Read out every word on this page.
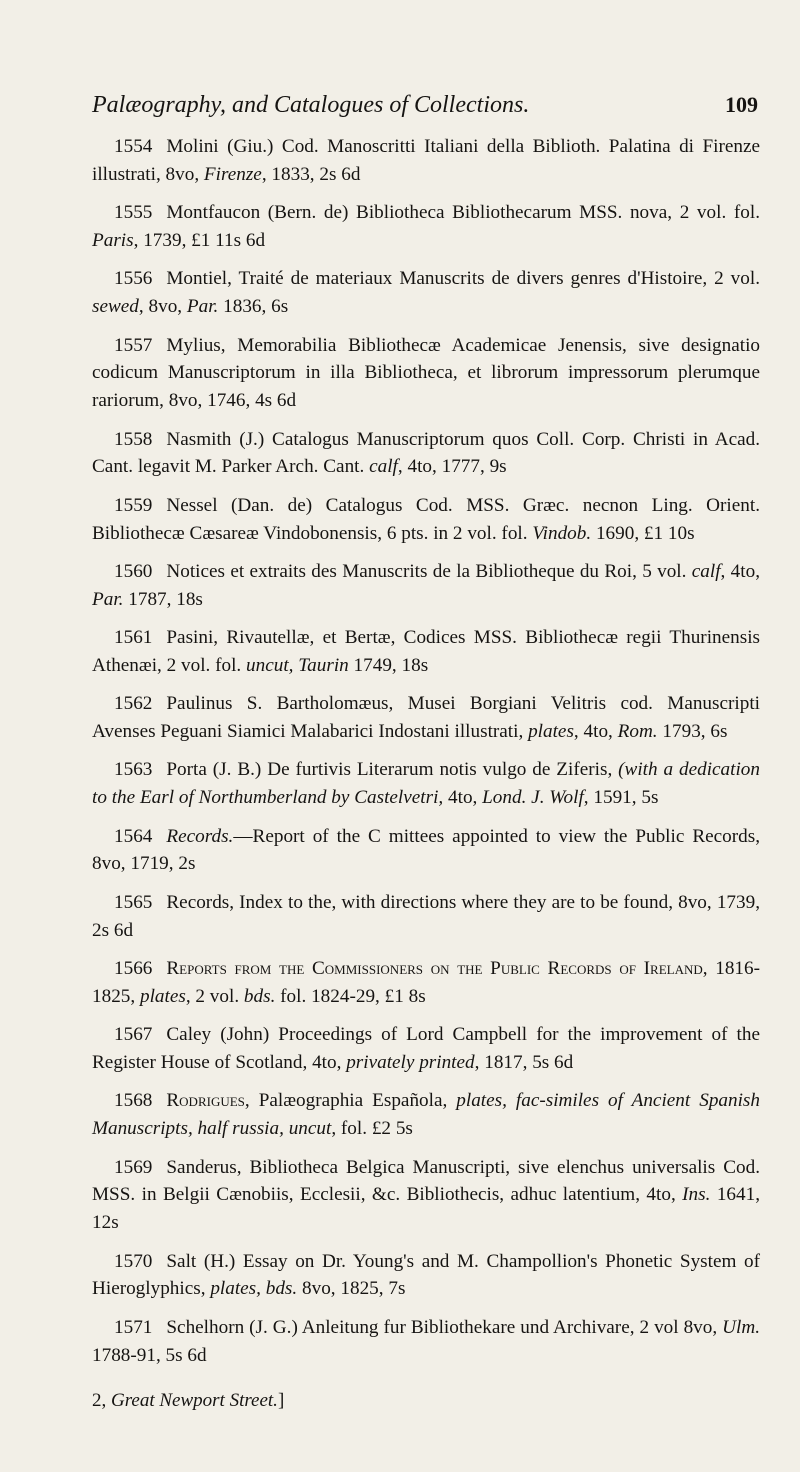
Palæography, and Catalogues of Collections.	109

1554 Molini (Giu.) Cod. Manoscritti Italiani della Biblioth. Palatina di Firenze illustrati, 8vo, Firenze, 1833, 2s 6d

1555 Montfaucon (Bern. de) Bibliotheca Bibliothecarum MSS. nova, 2 vol. fol. Paris, 1739, £1 11s 6d

1556 Montiel, Traité de materiaux Manuscrits de divers genres d'Histoire, 2 vol. sewed, 8vo, Par. 1836, 6s

1557 Mylius, Memorabilia Bibliothecæ Academicae Jenensis, sive designatio codicum Manuscriptorum in illa Bibliotheca, et librorum impressorum plerumque rariorum, 8vo, 1746, 4s 6d

1558 Nasmith (J.) Catalogus Manuscriptorum quos Coll. Corp. Christi in Acad. Cant. legavit M. Parker Arch. Cant. calf, 4to, 1777, 9s

1559 Nessel (Dan. de) Catalogus Cod. MSS. Græc. necnon Ling. Orient. Bibliothecæ Cæsareæ Vindobonensis, 6 pts. in 2 vol. fol. Vindob. 1690, £1 10s

1560 Notices et extraits des Manuscrits de la Bibliotheque du Roi, 5 vol. calf, 4to, Par. 1787, 18s

1561 Pasini, Rivautellæ, et Bertæ, Codices MSS. Bibliothecæ regii Thurinensis Athenæi, 2 vol. fol. uncut, Taurin 1749, 18s

1562 Paulinus S. Bartholomæus, Musei Borgiani Velitris cod. Manuscripti Avenses Peguani Siamici Malabarici Indostani illustrati, plates, 4to, Rom. 1793, 6s

1563 Porta (J. B.) De furtivis Literarum notis vulgo de Ziferis, (with a dedication to the Earl of Northumberland by Castelvetri, 4to, Lond. J. Wolf, 1591, 5s

1564 Records.—Report of the C mittees appointed to view the Public Records, 8vo, 1719, 2s

1565 Records, Index to the, with directions where they are to be found, 8vo, 1739, 2s 6d

1566 Reports from the Commissioners on the Public Records of Ireland, 1816-1825, plates, 2 vol. bds. fol. 1824-29, £1 8s

1567 Caley (John) Proceedings of Lord Campbell for the improvement of the Register House of Scotland, 4to, privately printed, 1817, 5s 6d

1568 Rodrigues, Palæographia Española, plates, fac-similes of Ancient Spanish Manuscripts, half russia, uncut, fol. £2 5s

1569 Sanderus, Bibliotheca Belgica Manuscripti, sive elenchus universalis Cod. MSS. in Belgii Cænobiis, Ecclesii, &c. Bibliothecis, adhuc latentium, 4to, Ins. 1641, 12s

1570 Salt (H.) Essay on Dr. Young's and M. Champollion's Phonetic System of Hieroglyphics, plates, bds. 8vo, 1825, 7s

1571 Schelhorn (J. G.) Anleitung fur Bibliothekare und Archivare, 2 vol 8vo, Ulm. 1788-91, 5s 6d

2, Great Newport Street.]
